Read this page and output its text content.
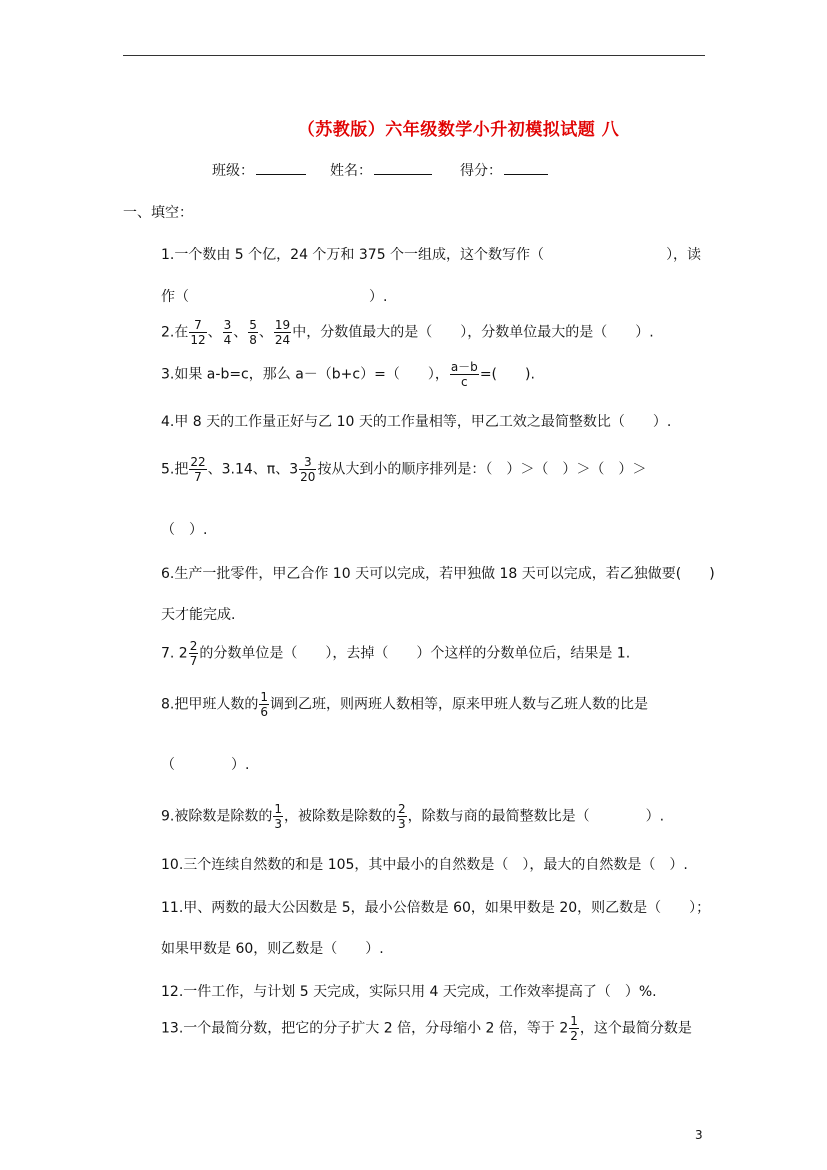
（苏教版）六年级数学小升初模拟试题 八
班级：	姓名：	得分：
一、填空：
1.一个数由 5 个亿，24 个万和 375 个一组成，这个数写作（	），读
作（	）.
2.在 $\frac{7}{12}$ 、 $\frac{3}{4}$ 、 $\frac{5}{8}$ 、 $\frac{19}{24}$ 中，分数值最大的是（　　），分数单位最大的是（　　）.
3.如果 a-b=c，那么 a－（b+c）=（　　）， $\frac{a-b}{c}$ =(　　).
4.甲 8 天的工作量正好与乙 10 天的工作量相等，甲乙工效之最简整数比（　　）.
5.把 $\frac{22}{7}$ 、3.14、π、$3 \frac{3}{20}$ 按从大到小的顺序排列是：（　）＞（　）＞（　）＞
（　）.
6.生产一批零件，甲乙合作 10 天可以完成，若甲独做 18 天可以完成，若乙独做要(　　)
天才能完成.
7. $2 \frac{2}{7}$ 的分数单位是（　　），去掉（　　）个这样的分数单位后，结果是 1.
8.把甲班人数的 $\frac{1}{6}$ 调到乙班，则两班人数相等，原来甲班人数与乙班人数的比是
（　　　　）.
9.被除数是除数的 $\frac{1}{3}$ ，被除数是除数的 $\frac{2}{3}$ ，除数与商的最简整数比是（　　　　）.
10.三个连续自然数的和是 105，其中最小的自然数是（　），最大的自然数是（　）.
11.甲、两数的最大公因数是 5，最小公倍数是 60，如果甲数是 20，则乙数是（　　）；
如果甲数是 60，则乙数是（　　）.
12.一件工作，与计划 5 天完成，实际只用 4 天完成，工作效率提高了（　）%.
13.一个最简分数，把它的分子扩大 2 倍，分母缩小 2 倍，等于 $2 \frac{1}{2}$ ，这个最简分数是
3
